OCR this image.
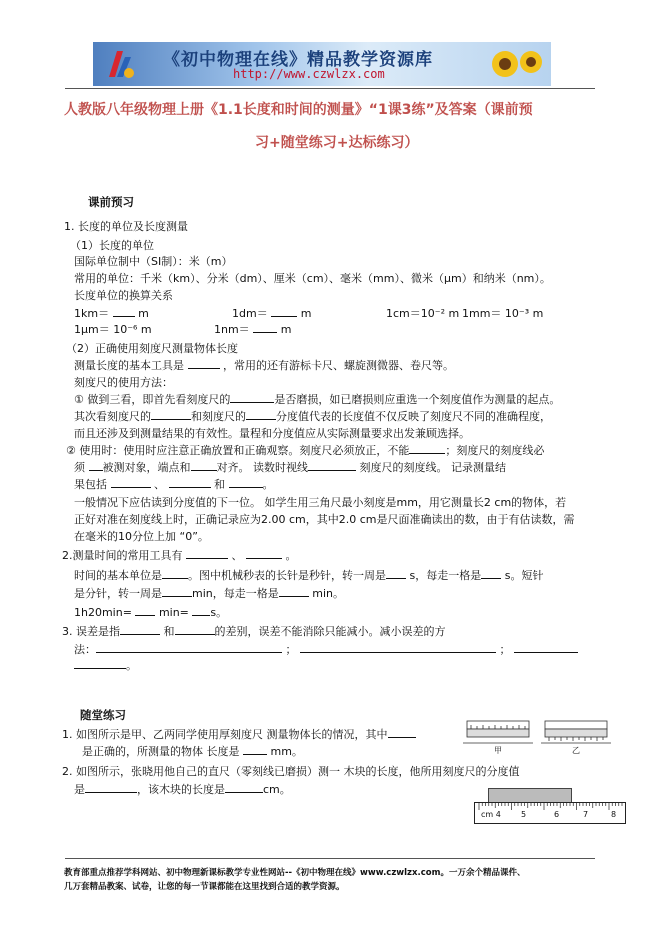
《初中物理在线》精品教学资源库
http://www.czwlzx.com
人教版八年级物理上册《1.1长度和时间的测量》“1课3练”及答案（课前预
习+随堂练习+达标练习）
课前预习
1. 长度的单位及长度测量
（1）长度的单位
国际单位制中（SI制）：米（m）
常用的单位：千米（km）、分米（dm）、厘米（cm）、毫米（mm）、微米（μm）和纳米（nm）。
长度单位的换算关系
1km＝	m	1dm＝	m	1cm＝10⁻² m 1mm＝ 10⁻³ m
1μm＝ 10⁻⁶ m	1nm＝	m
（2）正确使用刻度尺测量物体长度
测量长度的基本工具是	，常用的还有游标卡尺、螺旋测微器、卷尺等。
刻度尺的使用方法：
① 做到三看，即首先看刻度尺的	是否磨损，如已磨损则应重选一个刻度值作为测量的起点。
其次看刻度尺的	和刻度尺的	分度值代表的长度值不仅反映了刻度尺不同的准确程度，
而且还涉及到测量结果的有效性。量程和分度值应从实际测量要求出发兼顾选择。
② 使用时：使用时应注意正确放置和正确观察。刻度尺必须放正，不能	；刻度尺的刻度线必
须 被测对象，端点和 对齐。 读数时视线	刻度尺的刻度线。 记录测量结
果包括	、	和	。
一般情况下应估读到分度值的下一位。 如学生用三角尺最小刻度是mm，用它测量长2 cm的物体，若
正好对准在刻度线上时，正确记录应为2.00 cm，其中2.0 cm是尺面准确读出的数，由于有估读数，需
在毫米的10分位上加 “0”。
2.测量时间的常用工具有	、	。
时间的基本单位是 。图中机械秒表的长针是秒针，转一周是 s，每走一格是 s。短针
是分针，转一周是	min，每走一格是	min。
1h20min= min= s。
3. 误差是指	和	的差别，误差不能消除只能减小。减小误差的方
法：	；	；
。
随堂练习
1. 如图所示是甲、乙两同学使用厚刻度尺 测量物体长的情况，其中
是正确的，所测量的物体 长度是	mm。	甲	乙
2. 如图所示，张晓用他自己的直尺（零刻线已磨损）测一 木块的长度，他所用刻度尺的分度值
是	，该木块的长度是	cm。
cm 4	5	6	7	8
教育部重点推荐学科网站、初中物理新课标教学专业性网站--《初中物理在线》www.czwlzx.com。一万余个精品课件、
几万套精品教案、试卷，让您的每一节课都能在这里找到合适的教学资源。
